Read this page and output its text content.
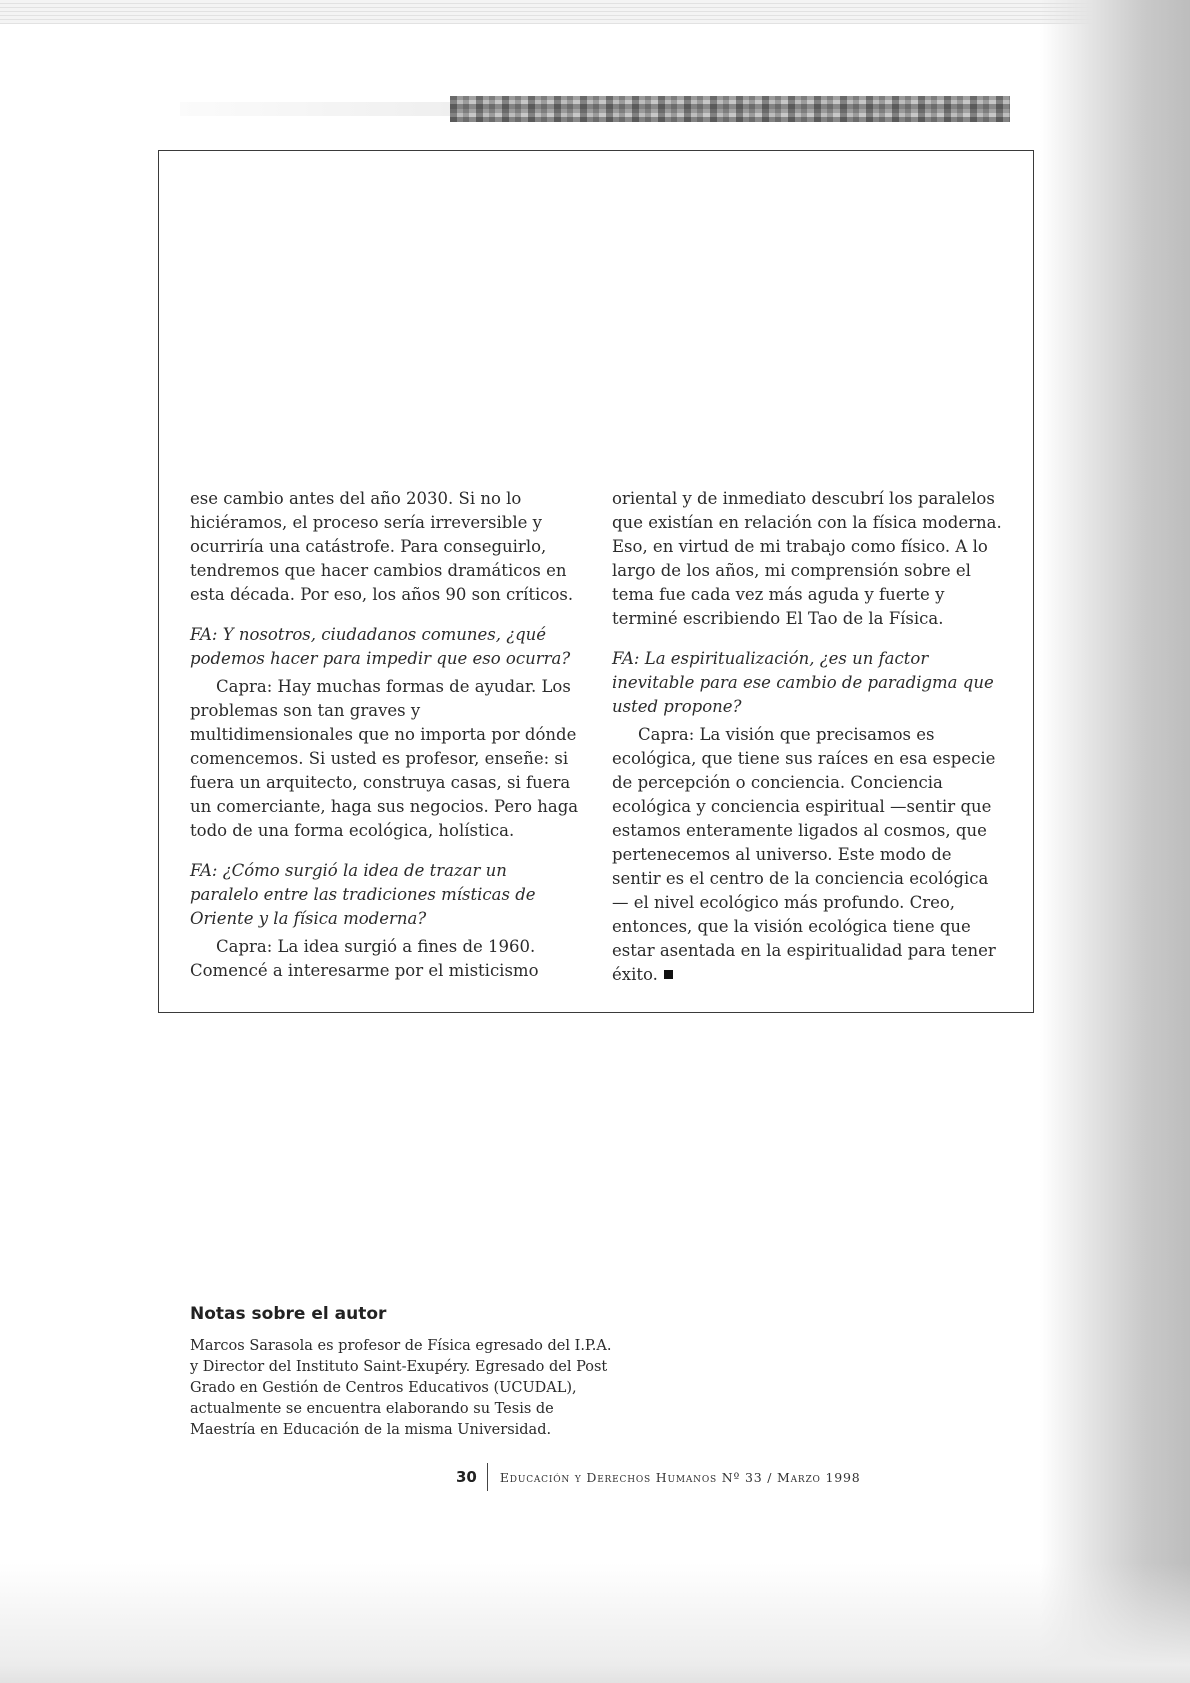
ese cambio antes del año 2030. Si no lo hiciéramos, el proceso sería irreversible y ocurriría una catástrofe. Para conseguirlo, tendremos que hacer cambios dramáticos en esta década. Por eso, los años 90 son críticos.

FA: Y nosotros, ciudadanos comunes, ¿qué podemos hacer para impedir que eso ocurra?

Capra: Hay muchas formas de ayudar. Los problemas son tan graves y multidimensionales que no importa por dónde comencemos. Si usted es profesor, enseñe: si fuera un arquitecto, construya casas, si fuera un comerciante, haga sus negocios. Pero haga todo de una forma ecológica, holística.

FA: ¿Cómo surgió la idea de trazar un paralelo entre las tradiciones místicas de Oriente y la física moderna?

Capra: La idea surgió a fines de 1960. Comencé a interesarme por el misticismo

oriental y de inmediato descubrí los paralelos que existían en relación con la física moderna. Eso, en virtud de mi trabajo como físico. A lo largo de los años, mi comprensión sobre el tema fue cada vez más aguda y fuerte y terminé escribiendo El Tao de la Física.

FA: La espiritualización, ¿es un factor inevitable para ese cambio de paradigma que usted propone?

Capra: La visión que precisamos es ecológica, que tiene sus raíces en esa especie de percepción o conciencia. Conciencia ecológica y conciencia espiritual —sentir que estamos enteramente ligados al cosmos, que pertenecemos al universo. Este modo de sentir es el centro de la conciencia ecológica— el nivel ecológico más profundo. Creo, entonces, que la visión ecológica tiene que estar asentada en la espiritualidad para tener éxito.

Notas sobre el autor

Marcos Sarasola es profesor de Física egresado del I.P.A. y Director del Instituto Saint-Exupéry. Egresado del Post Grado en Gestión de Centros Educativos (UCUDAL), actualmente se encuentra elaborando su Tesis de Maestría en Educación de la misma Universidad.

30	Educación y Derechos Humanos Nº 33 / Marzo 1998
